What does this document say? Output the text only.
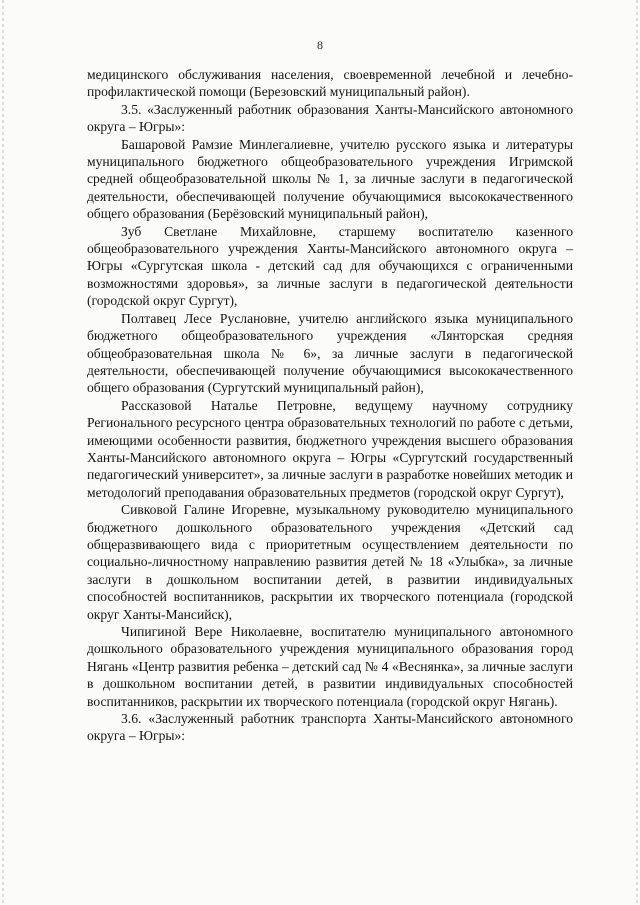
8

медицинского обслуживания населения, своевременной лечебной и лечебно-профилактической помощи (Березовский муниципальный район).

3.5. «Заслуженный работник образования Ханты-Мансийского автономного округа – Югры»:

Башаровой Рамзие Минлегалиевне, учителю русского языка и литературы муниципального бюджетного общеобразовательного учреждения Игримской средней общеобразовательной школы № 1, за личные заслуги в педагогической деятельности, обеспечивающей получение обучающимися высококачественного общего образования (Берёзовский муниципальный район),

Зуб Светлане Михайловне, старшему воспитателю казенного общеобразовательного учреждения Ханты-Мансийского автономного округа – Югры «Сургутская школа - детский сад для обучающихся с ограниченными возможностями здоровья», за личные заслуги в педагогической деятельности (городской округ Сургут),

Полтавец Лесе Руслановне, учителю английского языка муниципального бюджетного общеобразовательного учреждения «Лянторская средняя общеобразовательная школа № 6», за личные заслуги в педагогической деятельности, обеспечивающей получение обучающимися высококачественного общего образования (Сургутский муниципальный район),

Рассказовой Наталье Петровне, ведущему научному сотруднику Регионального ресурсного центра образовательных технологий по работе с детьми, имеющими особенности развития, бюджетного учреждения высшего образования Ханты-Мансийского автономного округа – Югры «Сургутский государственный педагогический университет», за личные заслуги в разработке новейших методик и методологий преподавания образовательных предметов (городской округ Сургут),

Сивковой Галине Игоревне, музыкальному руководителю муниципального бюджетного дошкольного образовательного учреждения «Детский сад общеразвивающего вида с приоритетным осуществлением деятельности по социально-личностному направлению развития детей № 18 «Улыбка», за личные заслуги в дошкольном воспитании детей, в развитии индивидуальных способностей воспитанников, раскрытии их творческого потенциала (городской округ Ханты-Мансийск),

Чипигиной Вере Николаевне, воспитателю муниципального автономного дошкольного образовательного учреждения муниципального образования город Нягань «Центр развития ребенка – детский сад № 4 «Веснянка», за личные заслуги в дошкольном воспитании детей, в развитии индивидуальных способностей воспитанников, раскрытии их творческого потенциала (городской округ Нягань).

3.6. «Заслуженный работник транспорта Ханты-Мансийского автономного округа – Югры»:
